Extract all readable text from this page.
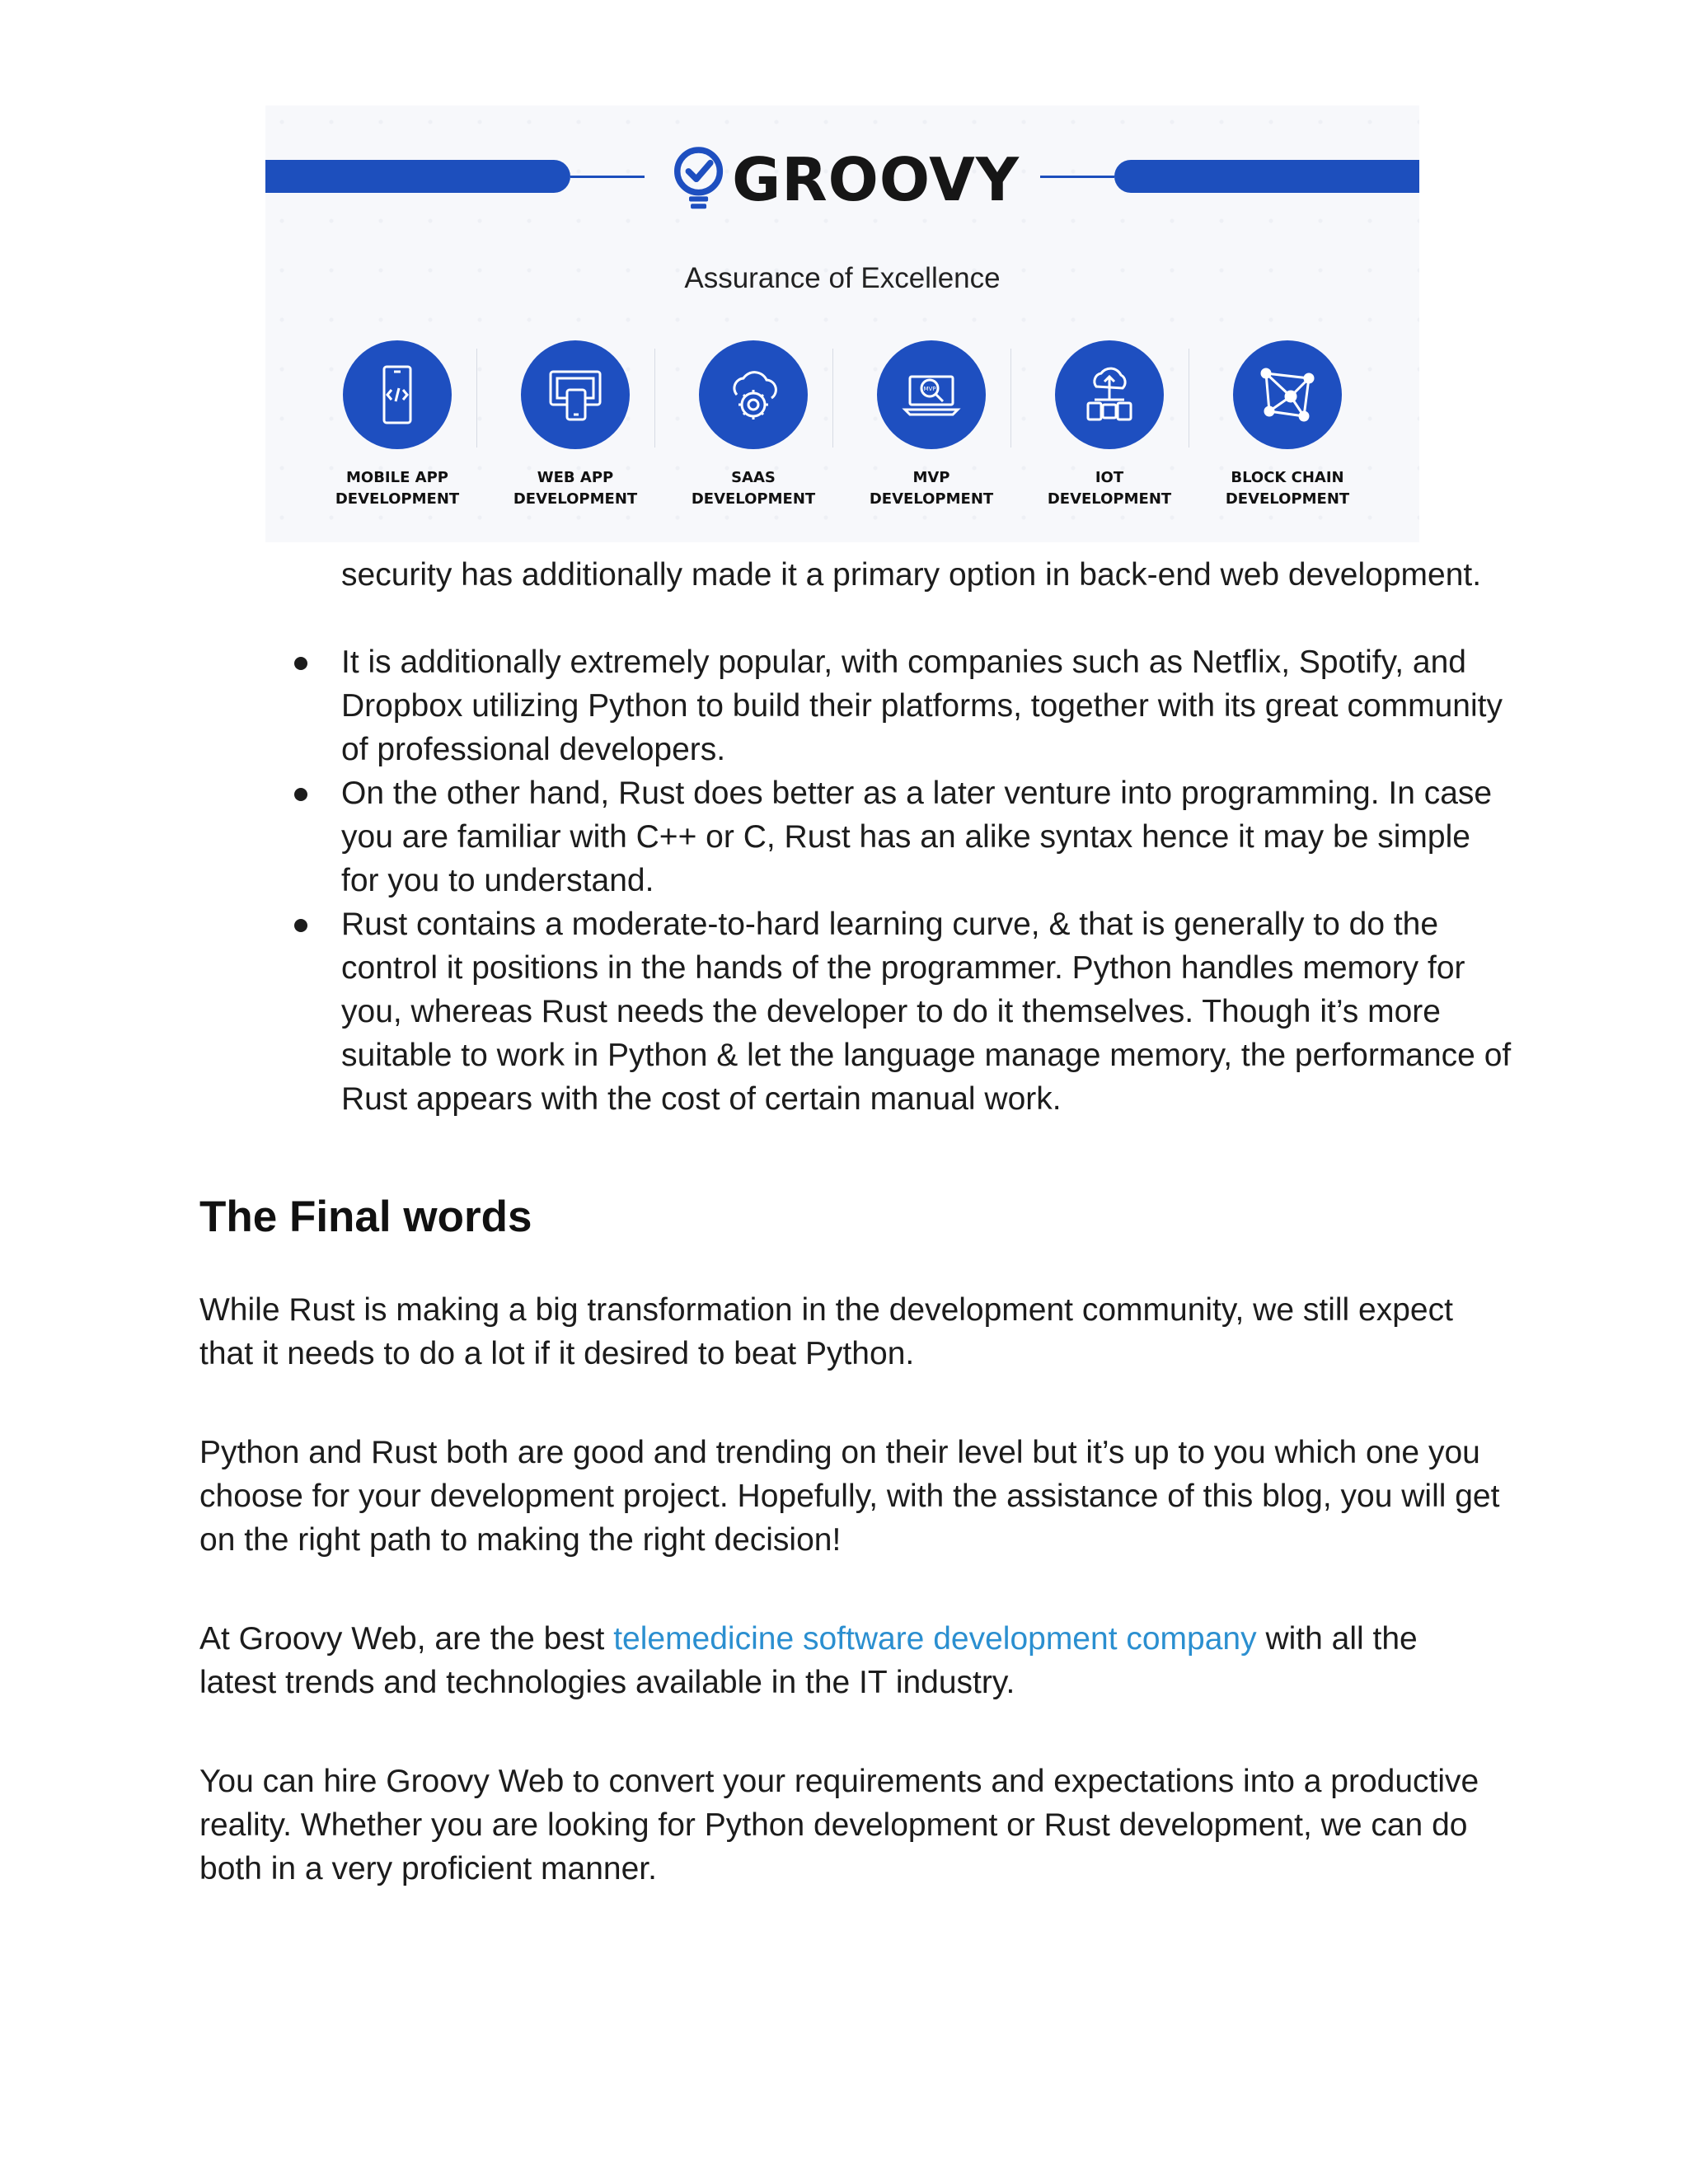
GROOVY
Assurance of Excellence
MOBILE APP
DEVELOPMENT
WEB APP
DEVELOPMENT
SAAS
DEVELOPMENT
MVP
MVP
DEVELOPMENT
IOT
DEVELOPMENT
BLOCK CHAIN
DEVELOPMENT

security has additionally made it a primary option in back-end web development.

It is additionally extremely popular, with companies such as Netflix, Spotify, and Dropbox utilizing Python to build their platforms, together with its great community of professional developers.
On the other hand, Rust does better as a later venture into programming. In case you are familiar with C++ or C, Rust has an alike syntax hence it may be simple for you to understand.
Rust contains a moderate-to-hard learning curve, & that is generally to do the control it positions in the hands of the programmer. Python handles memory for you, whereas Rust needs the developer to do it themselves. Though it’s more suitable to work in Python & let the language manage memory, the performance of Rust appears with the cost of certain manual work.
The Final words

While Rust is making a big transformation in the development community, we still expect that it needs to do a lot if it desired to beat Python.

Python and Rust both are good and trending on their level but it’s up to you which one you choose for your development project. Hopefully, with the assistance of this blog, you will get on the right path to making the right decision!

At Groovy Web, are the best telemedicine software development company with all the latest trends and technologies available in the IT industry.

You can hire Groovy Web to convert your requirements and expectations into a productive reality. Whether you are looking for Python development or Rust development, we can do both in a very proficient manner.
